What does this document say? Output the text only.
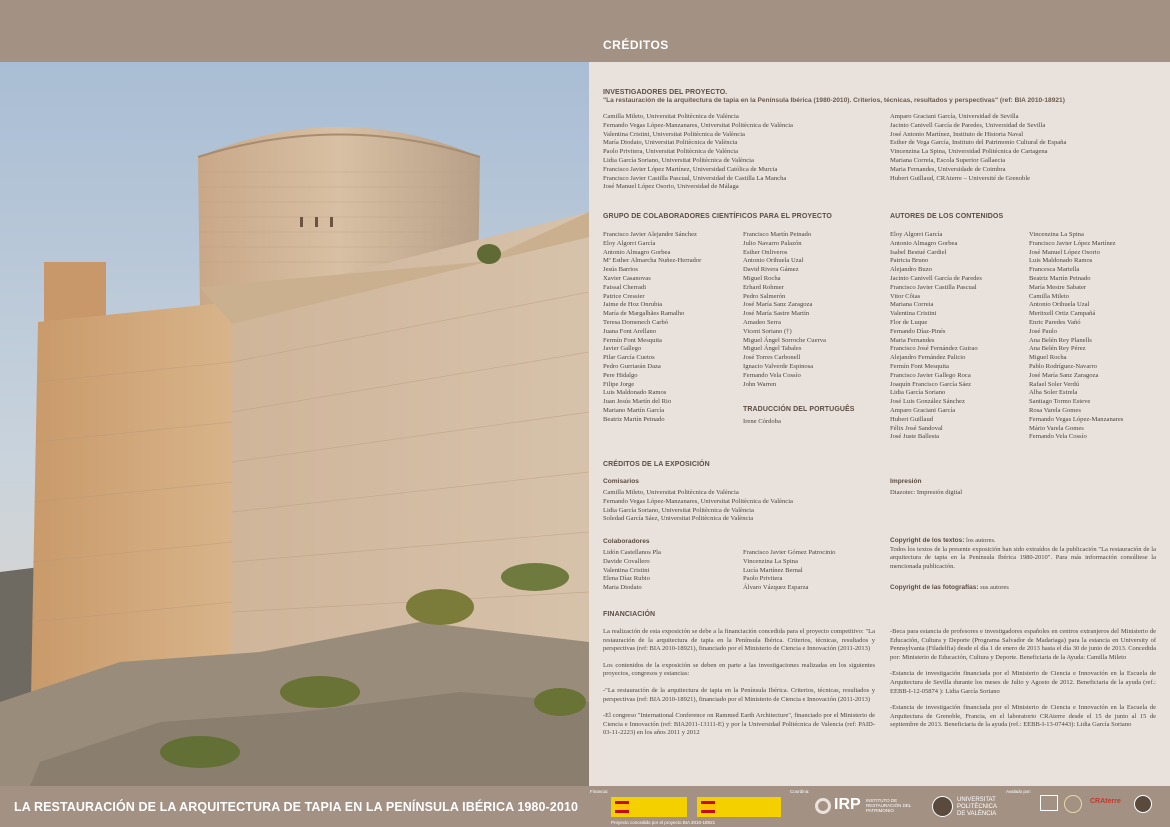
CRÉDITOS
INVESTIGADORES DEL PROYECTO.
"La restauración de la arquitectura de tapia en la Península Ibérica (1980-2010). Criterios, técnicas, resultados y perspectivas" (ref: BIA 2010-18921)
Camilla Mileto, Universitat Politècnica de València
Fernando Vegas López-Manzanares, Universitat Politècnica de València
Valentina Cristini, Universitat Politècnica de València
María Diodato, Universitat Politècnica de València
Paolo Privitera, Universitat Politècnica de València
Lidia García Soriano, Universitat Politècnica de València
Francisco Javier López Martínez, Universidad Católica de Murcia
Francisco Javier Castilla Pascual, Universidad de Castilla La Mancha
José Manuel López Osorio, Universidad de Málaga
Amparo Graciani García, Universidad de Sevilla
Jacinto Canivell García de Paredes, Universidad de Sevilla
José Antonio Martínez, Instituto de Historia Naval
Esther de Vega García, Instituto del Patrimonio Cultural de España
Vincenzina La Spina, Universidad Politécnica de Cartagena
Mariana Correia, Escola Superior Gallaecia
Maria Fernandes, Universidade de Coimbra
Hubert Guillaud, CRAterre – Université de Grenoble
GRUPO DE COLABORADORES CIENTÍFICOS PARA EL PROYECTO
Francisco Javier Alejandre Sánchez
Eloy Algorri García
Antonio Almagro Gorbea
Mª Esther Almarcha Nuñez-Herrador
Jesús Barrios
Xavier Casanovas
Faissal Cherradi
Patrice Cressier
Jaime de Hoz Onrubia
María de Margalhães Ramalho
Teresa Domenech Carbó
Juana Font Arellano
Fermín Font Mesquita
Javier Gallego
Pilar García Cuetos
Pedro Gurriarán Daza
Pere Hidalgo
Filipe Jorge
Luis Maldonado Ramos
Juan Jesús Martín del Rio
Mariano Martín García
Beatriz Martín Peinado
Francisco Martín Peinado
Julio Navarro Palazón
Esther Onliveros
Antonio Orihuela Uzal
David Rivera Gámez
Miguel Rocha
Erhard Rohmer
Pedro Salmerón
José María Sanz Zaragoza
José María Sastre Martín
Amadeo Serra
Vicent Soriano (†)
Miguel Ángel Sorroche Cuerva
Miguel Ángel Tabales
José Torres Carbonell
Ignacio Valverde Espinosa
Fernando Vela Cossío
John Warren
TRADUCCIÓN DEL PORTUGUÊS
Irene Córdoba
AUTORES DE LOS CONTENIDOS
Eloy Algorri García
Antonio Almagro Gorbea
Isabel Bestué Cardiel
Patricia Bruno
Alejandro Buzo
Jacinto Canivell García de Paredes
Francisco Javier Castilla Pascual
Vitor Côias
Mariana Correia
Valentina Cristini
Flor de Luque
Fernando Díaz-Pinés
Maria Fernandes
Francisco José Fernández Guirao
Alejandro Fernández Palicio
Fermín Font Mesquita
Francisco Javier Gallego Roca
Joaquín Francisco García Sáez
Lidia García Soriano
José Luis González Sánchez
Amparo Graciani García
Hubert Guillaud
Félix José Sandoval
José Juste Ballesta
Vincenzina La Spina
Francisco Javier López Martínez
José Manuel López Osorio
Luis Maldonado Ramos
Francesca Martella
Beatriz Martín Peinado
María Mestre Sabater
Camilla Mileto
Antonio Orihuela Uzal
Meritxell Ortiz Campañá
Enric Paredes Vañó
José Paulo
Ana Belén Rey Planells
Ana Belén Rey Pérez
Miguel Rocha
Pablo Rodríguez-Navarro
José María Sanz Zaragoza
Rafael Soler Verdú
Alba Soler Estrela
Santiago Tormo Esteve
Rosa Varela Gomes
Fernando Vegas López-Manzanares
Mário Varela Gomes
Fernando Vela Cossío
CRÉDITOS DE LA EXPOSICIÓN
Comisarios
Camilla Mileto, Universitat Politècnica de València
Fernando Vegas López-Manzanares, Universitat Politècnica de València
Lidia García Soriano, Universitat Politècnica de València
Soledad García Sáez, Universitat Politècnica de València
Impresión
Diazotec: Impresión digital
Colaboradores
Lidón Castellanos Pla
Davide Covallero
Valentina Cristini
Elena Díaz Rubio
Maria Diodato
Francisco Javier Gómez Patrocinio
Vincenzina La Spina
Lucía Martínez Bernal
Paolo Privitera
Álvaro Vázquez Esparza
Copyright de los textos: los autores.
Todos los textos de la presente exposición han sido extraídos de la publicación "La restauración de la arquitectura de tapia en la Península Ibérica 1980-2010". Para más información consúltese la mencionada publicación.
Copyright de las fotografías: sus autores
FINANCIACIÓN

La realización de esta exposición se debe a la financiación concedida para el proyecto competitivo: "La restauración de la arquitectura de tapia en la Península Ibérica. Criterios, técnicas, resultados y perspectivas (ref: BIA 2010-18921), financiado por el Ministerio de Ciencia e Innovación (2011-2013)

Los contenidos de la exposición se deben en parte a las investigaciones realizadas en los siguientes proyectos, congresos y estancias:

-"La restauración de la arquitectura de tapia en la Península Ibérica. Criterios, técnicas, resultados y perspectivas (ref: BIA 2010-18921), financiado por el Ministerio de Ciencia e Innovación (2011-2013)

-El congreso "International Conference on Rammed Earth Architecture", financiado por el Ministerio de Ciencia e Innovación (ref: BIA2011-13111-E) y por la Universidad Politécnica de Valencia (ref: PAID-03-11-2223) en los años 2011 y 2012

-Beca para estancia de profesores e investigadores españoles en centros extranjeros del Ministerio de Educación, Cultura y Deporte (Programa Salvador de Madariaga) para la estancia en University of Pennsylvania (Filadelfia) desde el día 1 de enero de 2013 hasta el día 30 de junio de 2013. Concedida por: Ministerio de Educación, Cultura y Deporte. Beneficiaria de la Ayuda: Camilla Mileto

-Estancia de investigación financiada por el Ministerio de Ciencia e Innovación en la Escuela de Arquitectura de Sevilla durante los meses de Julio y Agosto de 2012. Beneficiaria de la ayuda (ref.: EEBB-I-12-05874 ): Lidia García Soriano

-Estancia de investigación financiada por el Ministerio de Ciencia e Innovación en la Escuela de Arquitectura de Grenoble, Francia, en el laboratorio CRAterre desde el 15 de junio al 15 de septiembre de 2013. Beneficiaria de la ayuda (ref.: EEBB-I-13-07443): Lidia García Soriano

LA RESTAURACIÓN DE LA ARQUITECTURA DE TAPIA EN LA PENÍNSULA IBÉRICA 1980-2010
Financia:
Proyecto concedido por el proyecto BIA 2010-18921
Coordina:
IRP INSTITUTO DE RESTAURACIÓN DEL PATRIMONIO
UNIVERSITAT
POLITÈCNICA
DE VALÈNCIA
Avalado por:
CRAterre
